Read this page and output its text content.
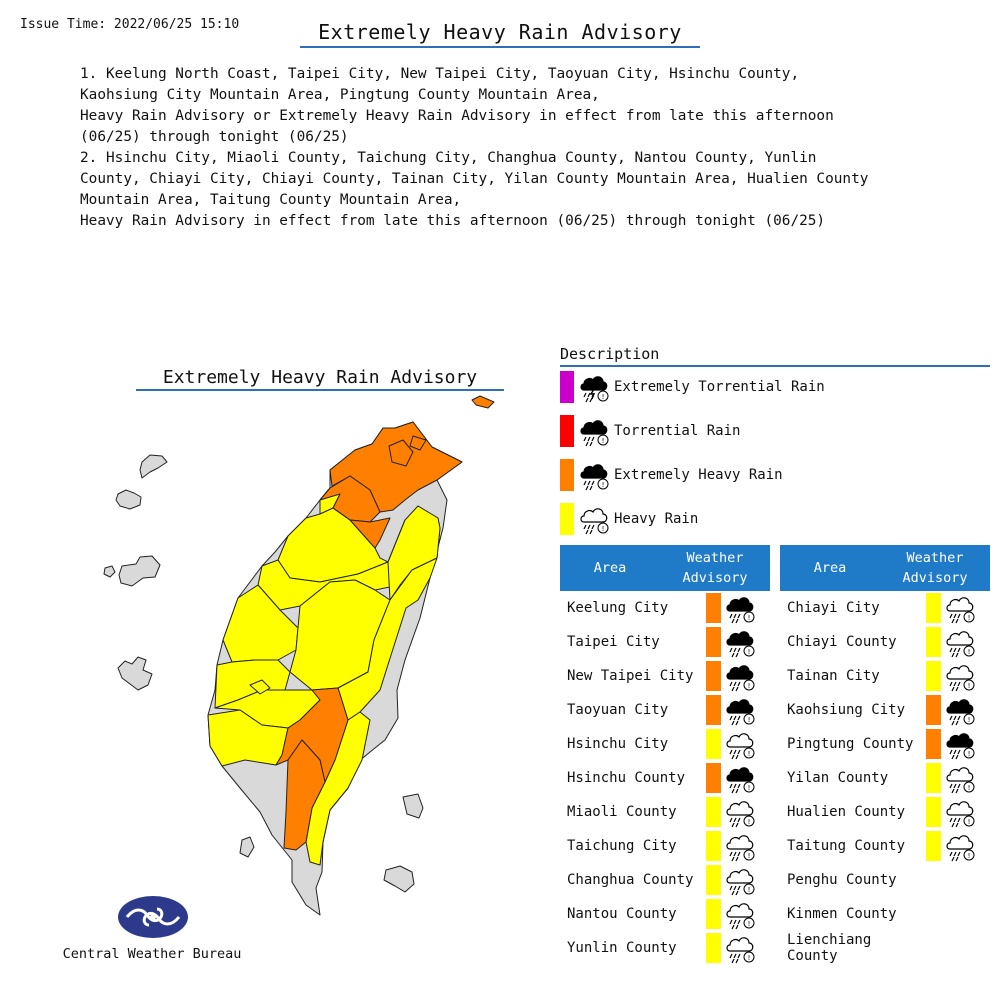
Issue Time: 2022/06/25 15:10	Extremely Heavy Rain Advisory
1. Keelung North Coast, Taipei City, New Taipei City, Taoyuan City, Hsinchu County,
Kaohsiung City Mountain Area, Pingtung County Mountain Area,
Heavy Rain Advisory or Extremely Heavy Rain Advisory in effect from late this afternoon
(06/25) through tonight (06/25)
2. Hsinchu City, Miaoli County, Taichung City, Changhua County, Nantou County, Yunlin
County, Chiayi City, Chiayi County, Tainan City, Yilan County Mountain Area, Hualien County
Mountain Area, Taitung County Mountain Area,
Heavy Rain Advisory in effect from late this afternoon (06/25) through tonight (06/25)
Extremely Heavy Rain Advisory
Central Weather Bureau
Description
!
Extremely Torrential Rain
!
Torrential Rain
!
Extremely Heavy Rain
!
Heavy Rain
Area
Weather
Advisory
Keelung City
!
Taipei City
!
New Taipei City
!
Taoyuan City
!
Hsinchu City
!
Hsinchu County
!
Miaoli County
!
Taichung City
!
Changhua County
!
Nantou County
!
Yunlin County
!
Area
Weather
Advisory
Chiayi City
!
Chiayi County
!
Tainan City
!
Kaohsiung City
!
Pingtung County
!
Yilan County
!
Hualien County
!
Taitung County
!
Penghu County
Kinmen County
Lienchiang County
